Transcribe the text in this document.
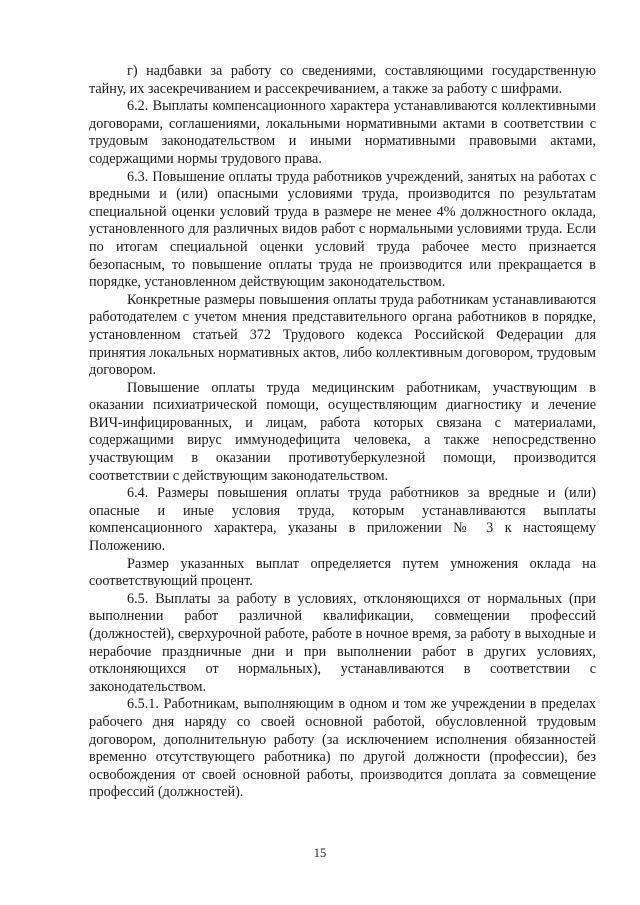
г) надбавки за работу со сведениями, составляющими государственную тайну, их засекречиванием и рассекречиванием, а также за работу с шифрами.

6.2. Выплаты компенсационного характера устанавливаются коллективными договорами, соглашениями, локальными нормативными актами в соответствии с трудовым законодательством и иными нормативными правовыми актами, содержащими нормы трудового права.

6.3. Повышение оплаты труда работников учреждений, занятых на работах с вредными и (или) опасными условиями труда, производится по результатам специальной оценки условий труда в размере не менее 4% должностного оклада, установленного для различных видов работ с нормальными условиями труда. Если по итогам специальной оценки условий труда рабочее место признается безопасным, то повышение оплаты труда не производится или прекращается в порядке, установленном действующим законодательством.

Конкретные размеры повышения оплаты труда работникам устанавливаются работодателем с учетом мнения представительного органа работников в порядке, установленном статьей 372 Трудового кодекса Российской Федерации для принятия локальных нормативных актов, либо коллективным договором, трудовым договором.

Повышение оплаты труда медицинским работникам, участвующим в оказании психиатрической помощи, осуществляющим диагностику и лечение ВИЧ-инфицированных, и лицам, работа которых связана с материалами, содержащими вирус иммунодефицита человека, а также непосредственно участвующим в оказании противотуберкулезной помощи, производится соответствии с действующим законодательством.

6.4. Размеры повышения оплаты труда работников за вредные и (или) опасные и иные условия труда, которым устанавливаются выплаты компенсационного характера, указаны в приложении № 3 к настоящему Положению.

Размер указанных выплат определяется путем умножения оклада на соответствующий процент.

6.5. Выплаты за работу в условиях, отклоняющихся от нормальных (при выполнении работ различной квалификации, совмещении профессий (должностей), сверхурочной работе, работе в ночное время, за работу в выходные и нерабочие праздничные дни и при выполнении работ в других условиях, отклоняющихся от нормальных), устанавливаются в соответствии с законодательством.

6.5.1. Работникам, выполняющим в одном и том же учреждении в пределах рабочего дня наряду со своей основной работой, обусловленной трудовым договором, дополнительную работу (за исключением исполнения обязанностей временно отсутствующего работника) по другой должности (профессии), без освобождения от своей основной работы, производится доплата за совмещение профессий (должностей).

15
